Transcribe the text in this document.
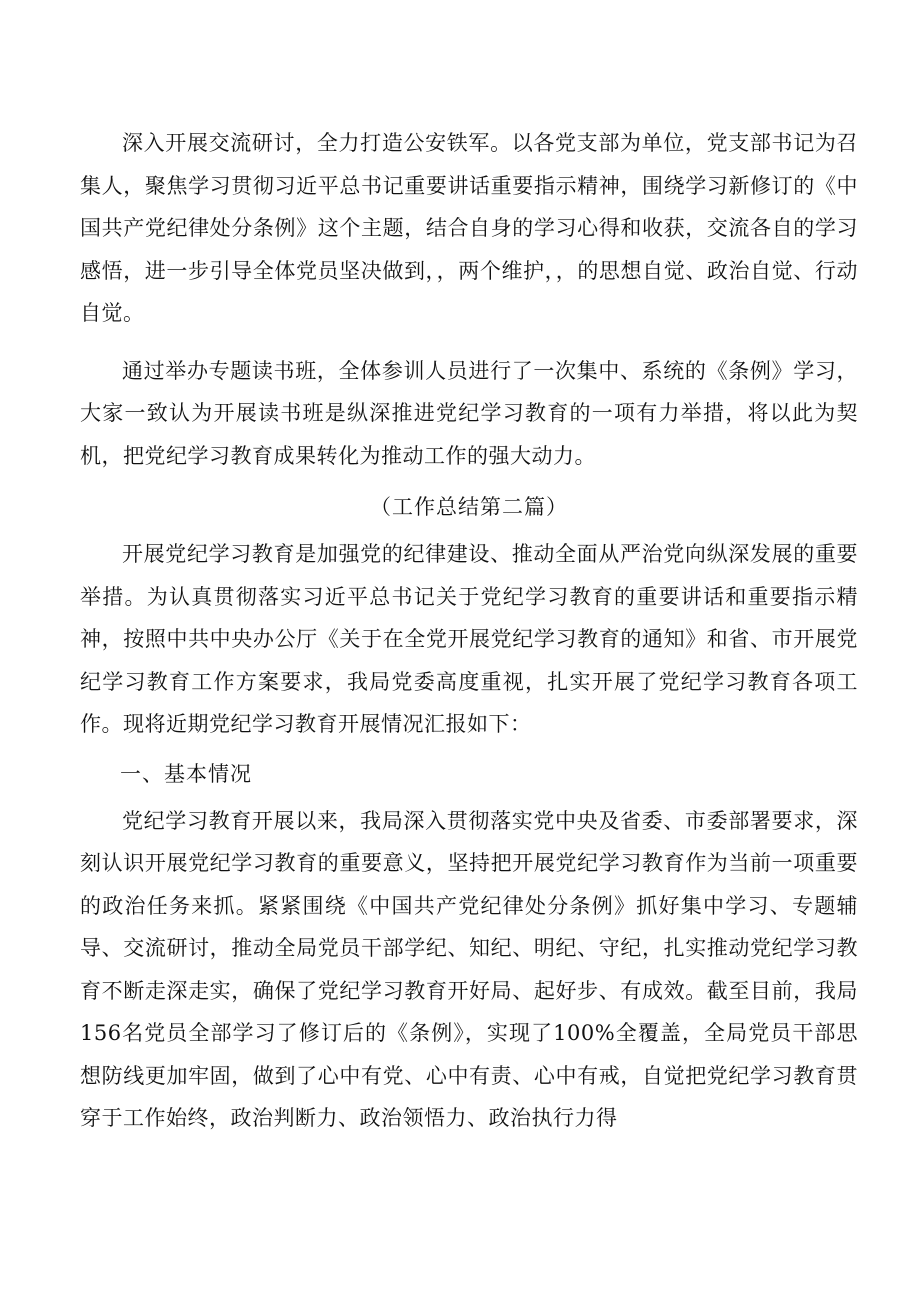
深入开展交流研讨，全力打造公安铁军。以各党支部为单位，党支部书记为召集人，聚焦学习贯彻习近平总书记重要讲话重要指示精神，围绕学习新修订的《中国共产党纪律处分条例》这个主题，结合自身的学习心得和收获，交流各自的学习感悟，进一步引导全体党员坚决做到，，两个维护，，的思想自觉、政治自觉、行动自觉。

通过举办专题读书班，全体参训人员进行了一次集中、系统的《条例》学习，大家一致认为开展读书班是纵深推进党纪学习教育的一项有力举措，将以此为契机，把党纪学习教育成果转化为推动工作的强大动力。

（工作总结第二篇）

开展党纪学习教育是加强党的纪律建设、推动全面从严治党向纵深发展的重要举措。为认真贯彻落实习近平总书记关于党纪学习教育的重要讲话和重要指示精神，按照中共中央办公厅《关于在全党开展党纪学习教育的通知》和省、市开展党纪学习教育工作方案要求，我局党委高度重视，扎实开展了党纪学习教育各项工作。现将近期党纪学习教育开展情况汇报如下：

一、基本情况

党纪学习教育开展以来，我局深入贯彻落实党中央及省委、市委部署要求，深刻认识开展党纪学习教育的重要意义，坚持把开展党纪学习教育作为当前一项重要的政治任务来抓。紧紧围绕《中国共产党纪律处分条例》抓好集中学习、专题辅导、交流研讨，推动全局党员干部学纪、知纪、明纪、守纪，扎实推动党纪学习教育不断走深走实，确保了党纪学习教育开好局、起好步、有成效。截至目前，我局156名党员全部学习了修订后的《条例》，实现了100%全覆盖，全局党员干部思想防线更加牢固，做到了心中有党、心中有责、心中有戒，自觉把党纪学习教育贯穿于工作始终，政治判断力、政治领悟力、政治执行力得
